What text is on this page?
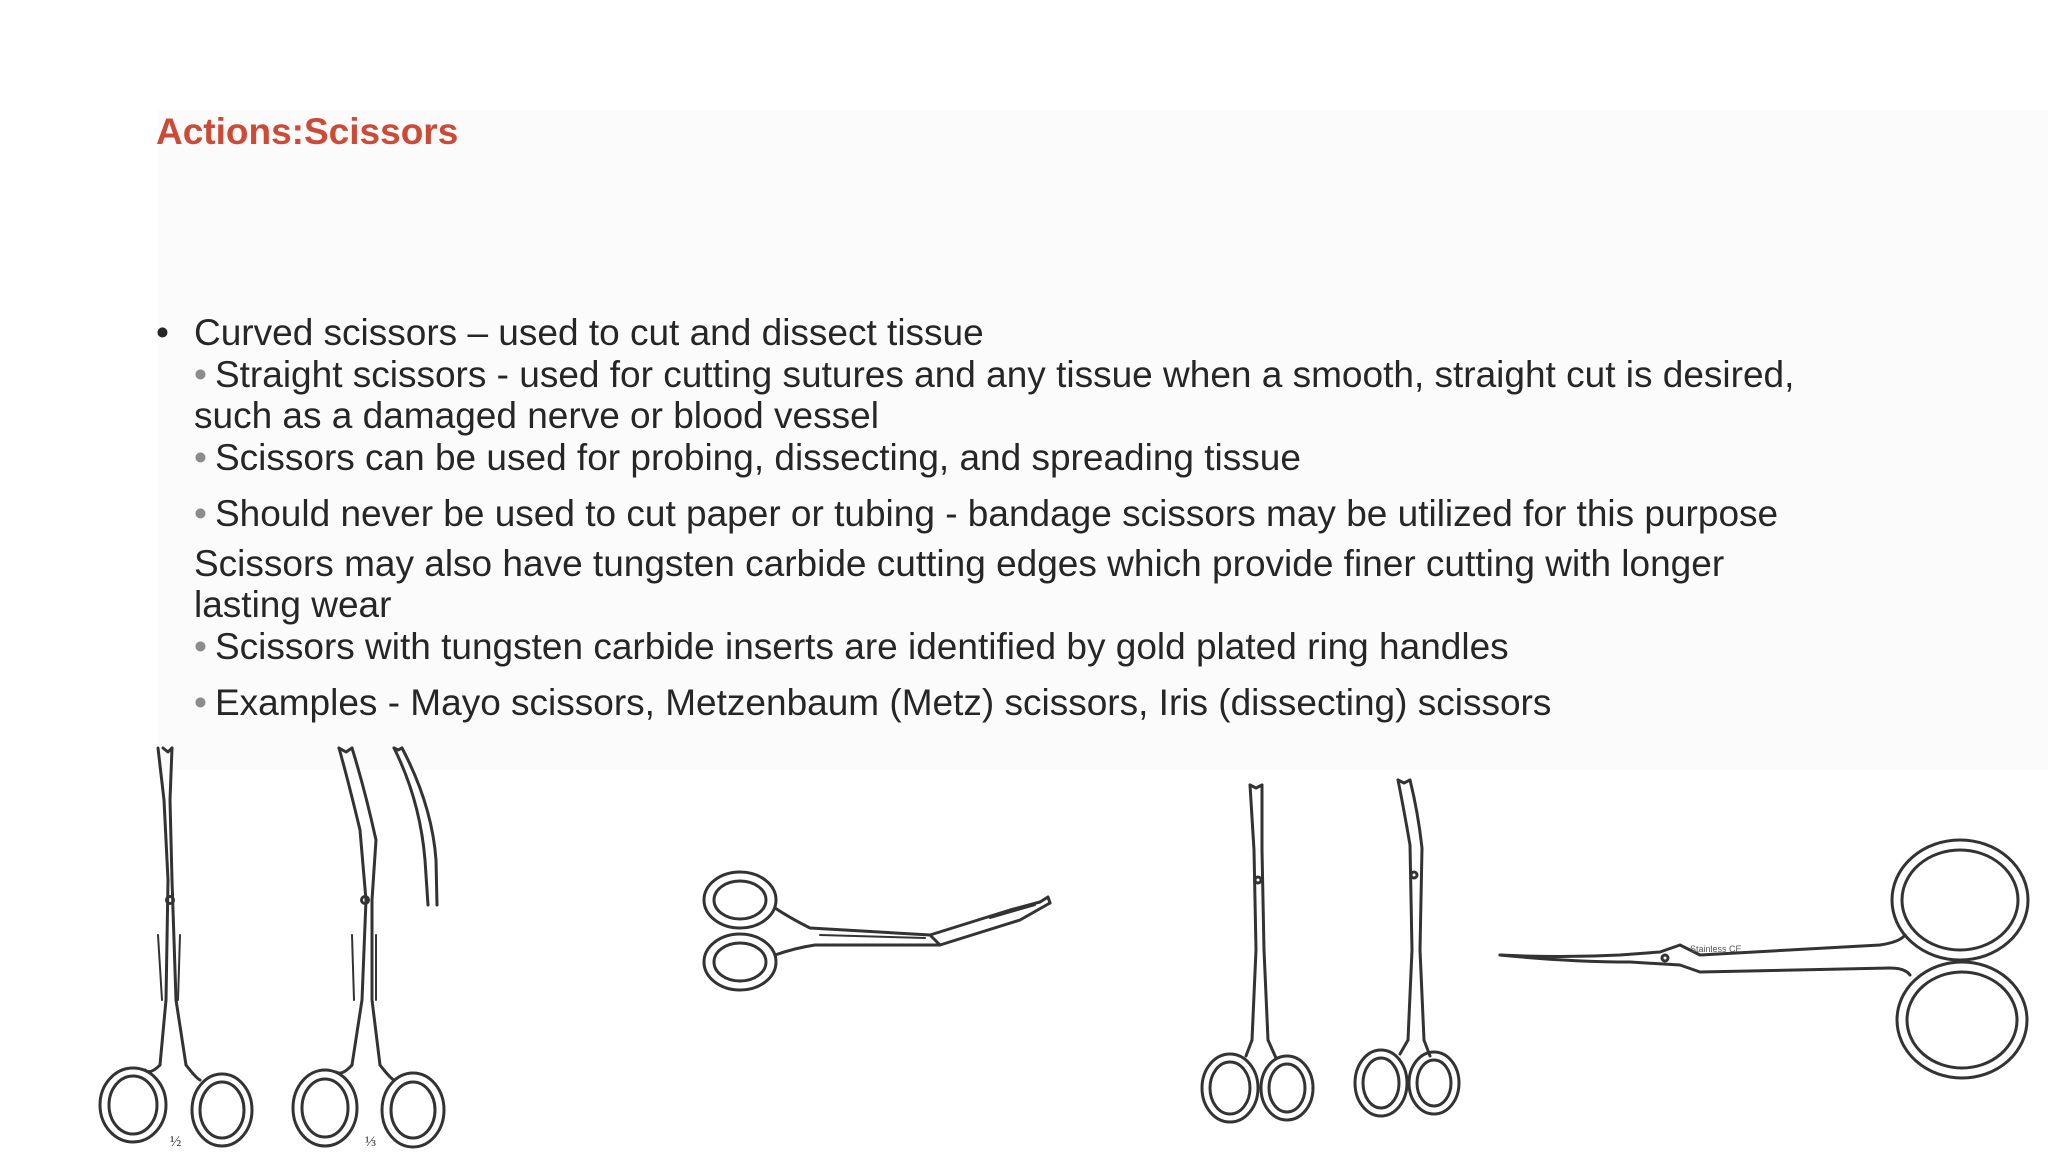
Actions:Scissors
• Curved scissors – used to cut and dissect tissue
• Straight scissors - used for cutting sutures and any tissue when a smooth, straight cut is desired,
such as a damaged nerve or blood vessel
• Scissors can be used for probing, dissecting, and spreading tissue
• Should never be used to cut paper or tubing - bandage scissors may be utilized for this purpose
Scissors may also have tungsten carbide cutting edges which provide finer cutting with longer
lasting wear
• Scissors with tungsten carbide inserts are identified by gold plated ring handles
• Examples - Mayo scissors, Metzenbaum (Metz) scissors, Iris (dissecting) scissors
½	⅓
Stainless CE
